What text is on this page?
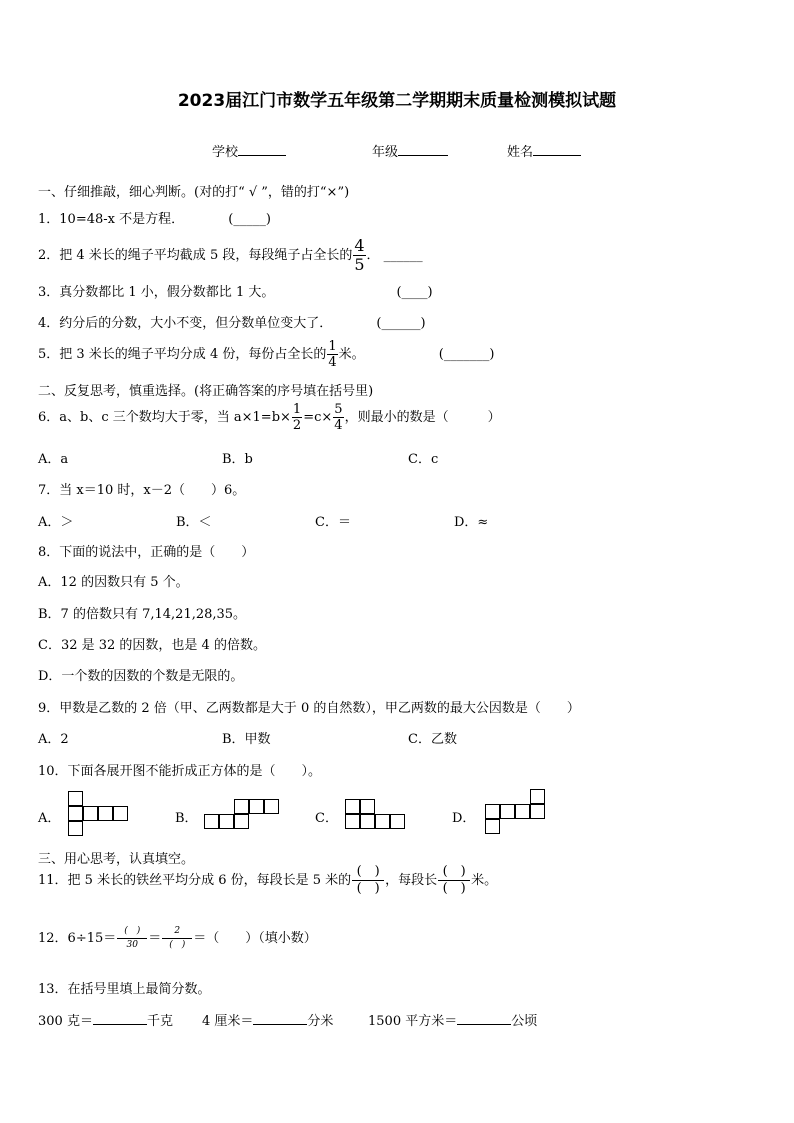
2023届江门市数学五年级第二学期期末质量检测模拟试题
学校	年级	姓名
一、仔细推敲，细心判断。(对的打“ √ ”，错的打“×”)
1．10=48-x 不是方程．	(_____)
2．把 4 米长的绳子平均截成 5 段，每段绳子占全长的 $\frac{4}{5}$ ． ______
3．真分数都比 1 小，假分数都比 1 大。	(____)
4．约分后的分数，大小不变，但分数单位变大了．	(______)
5．把 3 米长的绳子平均分成 4 份，每份占全长的 $\frac{1}{4}$ 米。	(_______)
二、反复思考，慎重选择。(将正确答案的序号填在括号里)
6．a、b、c 三个数均大于零，当 $a\times 1=b\times \frac{1}{2} =c\times \frac{5}{4}$ ，则最小的数是（　　　）
A．a	B．b	C．c
7．当 x＝10 时，x－2（　　）6。
A．＞	B．＜	C．＝	D．≈
8．下面的说法中，正确的是（　　）
A．12 的因数只有 5 个。
B．7 的倍数只有 7,14,21,28,35。
C．32 是 32 的因数，也是 4 的倍数。
D．一个数的因数的个数是无限的。
9．甲数是乙数的 2 倍（甲、乙两数都是大于 0 的自然数），甲乙两数的最大公因数是（　　）
A．2	B．甲数	C．乙数
10．下面各展开图不能折成正方体的是（　　）。
A．	B．	C．	D．
三、用心思考，认真填空。
11．把 5 米长的铁丝平均分成 6 份，每段长是 5 米的 $\frac{( )}{( )}$ ，每段长 $\frac{( )}{( )}$ 米。
12．$6\div 15= \frac{( )}{30} = \frac{2}{( )}$ ＝（　　）（填小数）
13．在括号里填上最简分数。
300 克＝	千克 4 厘米＝	分米	1500 平方米＝	公顷
